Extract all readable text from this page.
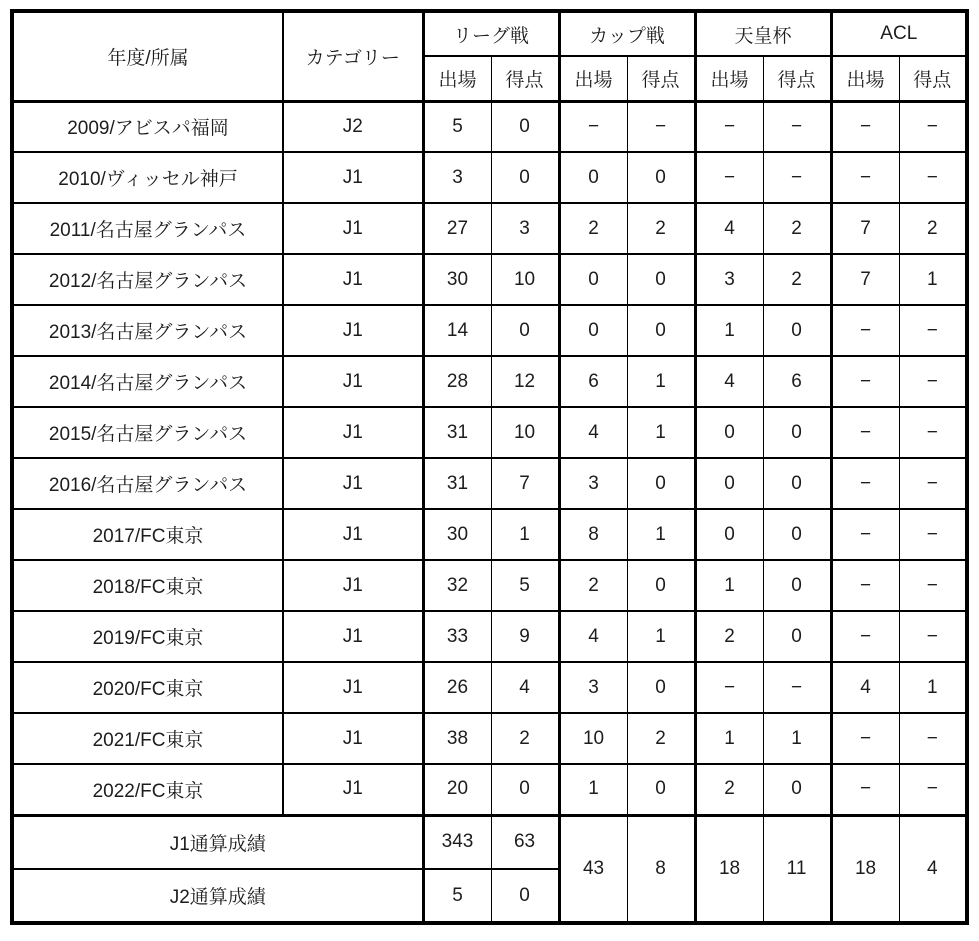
年度/所属	カテゴリー	リーグ戦		カップ戦		天皇杯		ACL	
		出場	得点	出場	得点	出場	得点	出場	得点
2009/アビスパ福岡	J2	5	0	−	−	−	−	−	−
2010/ヴィッセル神戸	J1	3	0	0	0	−	−	−	−
2011/名古屋グランパス	J1	27	3	2	2	4	2	7	2
2012/名古屋グランパス	J1	30	10	0	0	3	2	7	1
2013/名古屋グランパス	J1	14	0	0	0	1	0	−	−
2014/名古屋グランパス	J1	28	12	6	1	4	6	−	−
2015/名古屋グランパス	J1	31	10	4	1	0	0	−	−
2016/名古屋グランパス	J1	31	7	3	0	0	0	−	−
2017/FC東京	J1	30	1	8	1	0	0	−	−
2018/FC東京	J1	32	5	2	0	1	0	−	−
2019/FC東京	J1	33	9	4	1	2	0	−	−
2020/FC東京	J1	26	4	3	0	−	−	4	1
2021/FC東京	J1	38	2	10	2	1	1	−	−
2022/FC東京	J1	20	0	1	0	2	0	−	−
J1通算成績		343	63	43	8	18	11	18	4
J2通算成績		5	0						
